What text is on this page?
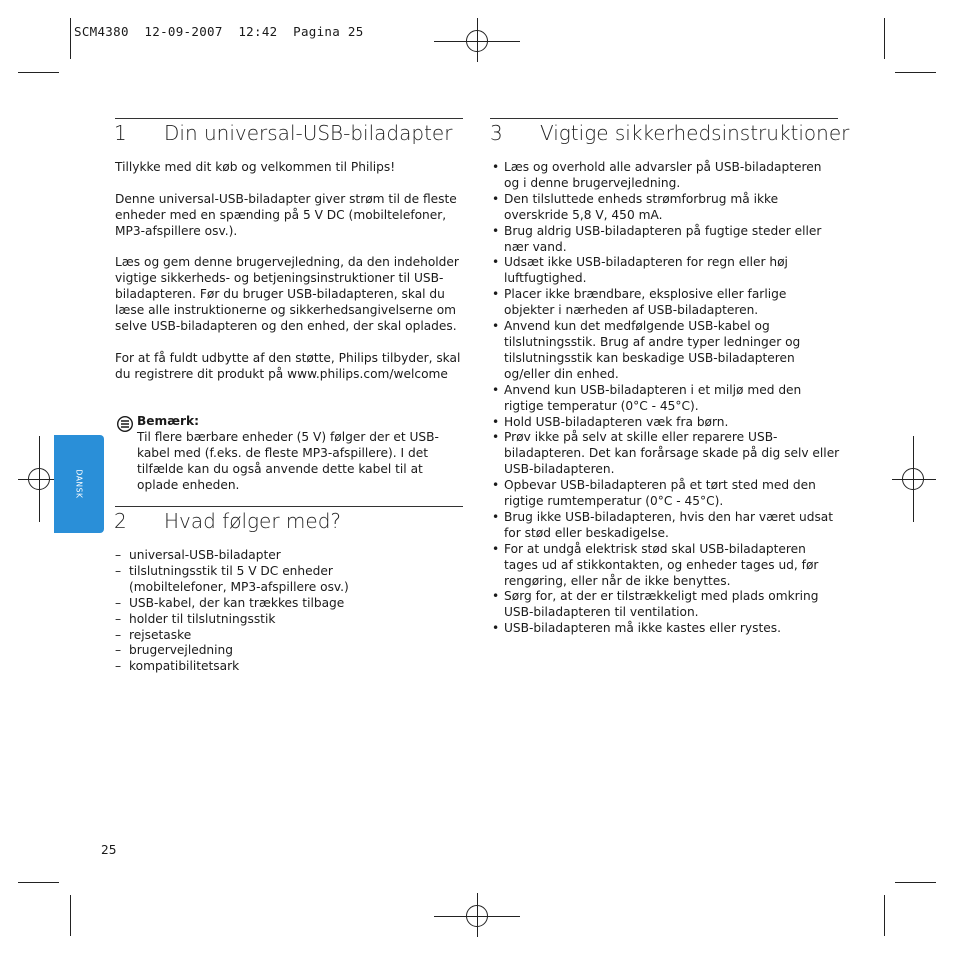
SCM4380  12-09-2007  12:42  Pagina 25
DANSK
1 Din universal-USB-biladapter

Tillykke med dit køb og velkommen til Philips!

Denne universal-USB-biladapter giver strøm til de fleste enheder med en spænding på 5 V DC (mobiltelefoner, MP3-afspillere osv.).

Læs og gem denne brugervejledning, da den indeholder vigtige sikkerheds- og betjeningsinstruktioner til USB-biladapteren. Før du bruger USB-biladapteren, skal du læse alle instruktionerne og sikkerhedsangivelserne om selve USB-biladapteren og den enhed, der skal oplades.

For at få fuldt udbytte af den støtte, Philips tilbyder, skal du registrere dit produkt på www.philips.com/welcome

Bemærk:
Til flere bærbare enheder (5 V) følger der et USB-kabel med (f.eks. de fleste MP3-afspillere). I det tilfælde kan du også anvende dette kabel til at oplade enheden.
2 Hvad følger med?
– universal-USB-biladapter
– tilslutningsstik til 5 V DC enheder (mobiltelefoner, MP3-afspillere osv.)
– USB-kabel, der kan trækkes tilbage
– holder til tilslutningsstik
– rejsetaske
– brugervejledning
– kompatibilitetsark
3 Vigtige sikkerhedsinstruktioner
• Læs og overhold alle advarsler på USB-biladapteren og i denne brugervejledning.
• Den tilsluttede enheds strømforbrug må ikke overskride 5,8 V, 450 mA.
• Brug aldrig USB-biladapteren på fugtige steder eller nær vand.
• Udsæt ikke USB-biladapteren for regn eller høj luftfugtighed.
• Placer ikke brændbare, eksplosive eller farlige objekter i nærheden af USB-biladapteren.
• Anvend kun det medfølgende USB-kabel og tilslutningsstik. Brug af andre typer ledninger og tilslutningsstik kan beskadige USB-biladapteren og/eller din enhed.
• Anvend kun USB-biladapteren i et miljø med den rigtige temperatur (0°C - 45°C).
• Hold USB-biladapteren væk fra børn.
• Prøv ikke på selv at skille eller reparere USB-biladapteren. Det kan forårsage skade på dig selv eller USB-biladapteren.
• Opbevar USB-biladapteren på et tørt sted med den rigtige rumtemperatur (0°C - 45°C).
• Brug ikke USB-biladapteren, hvis den har været udsat for stød eller beskadigelse.
• For at undgå elektrisk stød skal USB-biladapteren tages ud af stikkontakten, og enheder tages ud, før rengøring, eller når de ikke benyttes.
• Sørg for, at der er tilstrækkeligt med plads omkring USB-biladapteren til ventilation.
• USB-biladapteren må ikke kastes eller rystes.
25
